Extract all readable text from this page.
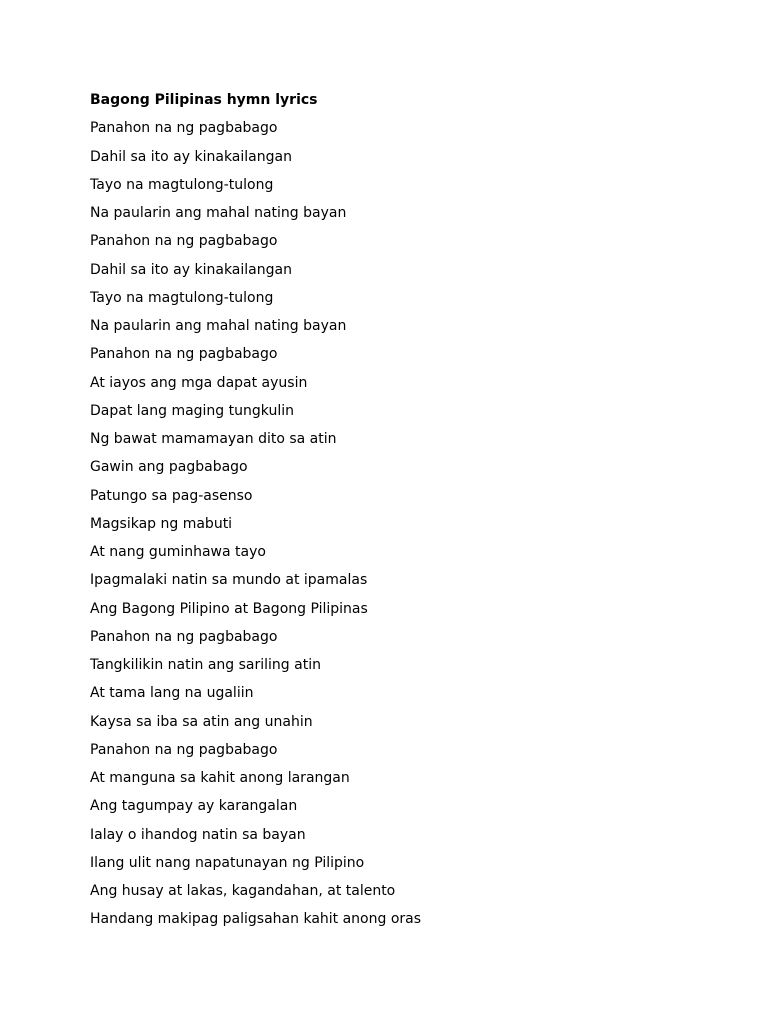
Bagong Pilipinas hymn lyrics
Panahon na ng pagbabago
Dahil sa ito ay kinakailangan
Tayo na magtulong-tulong
Na paularin ang mahal nating bayan
Panahon na ng pagbabago
Dahil sa ito ay kinakailangan
Tayo na magtulong-tulong
Na paularin ang mahal nating bayan
Panahon na ng pagbabago
At iayos ang mga dapat ayusin
Dapat lang maging tungkulin
Ng bawat mamamayan dito sa atin
Gawin ang pagbabago
Patungo sa pag-asenso
Magsikap ng mabuti
At nang guminhawa tayo
Ipagmalaki natin sa mundo at ipamalas
Ang Bagong Pilipino at Bagong Pilipinas
Panahon na ng pagbabago
Tangkilikin natin ang sariling atin
At tama lang na ugaliin
Kaysa sa iba sa atin ang unahin
Panahon na ng pagbabago
At manguna sa kahit anong larangan
Ang tagumpay ay karangalan
Ialay o ihandog natin sa bayan
Ilang ulit nang napatunayan ng Pilipino
Ang husay at lakas, kagandahan, at talento
Handang makipag paligsahan kahit anong oras
